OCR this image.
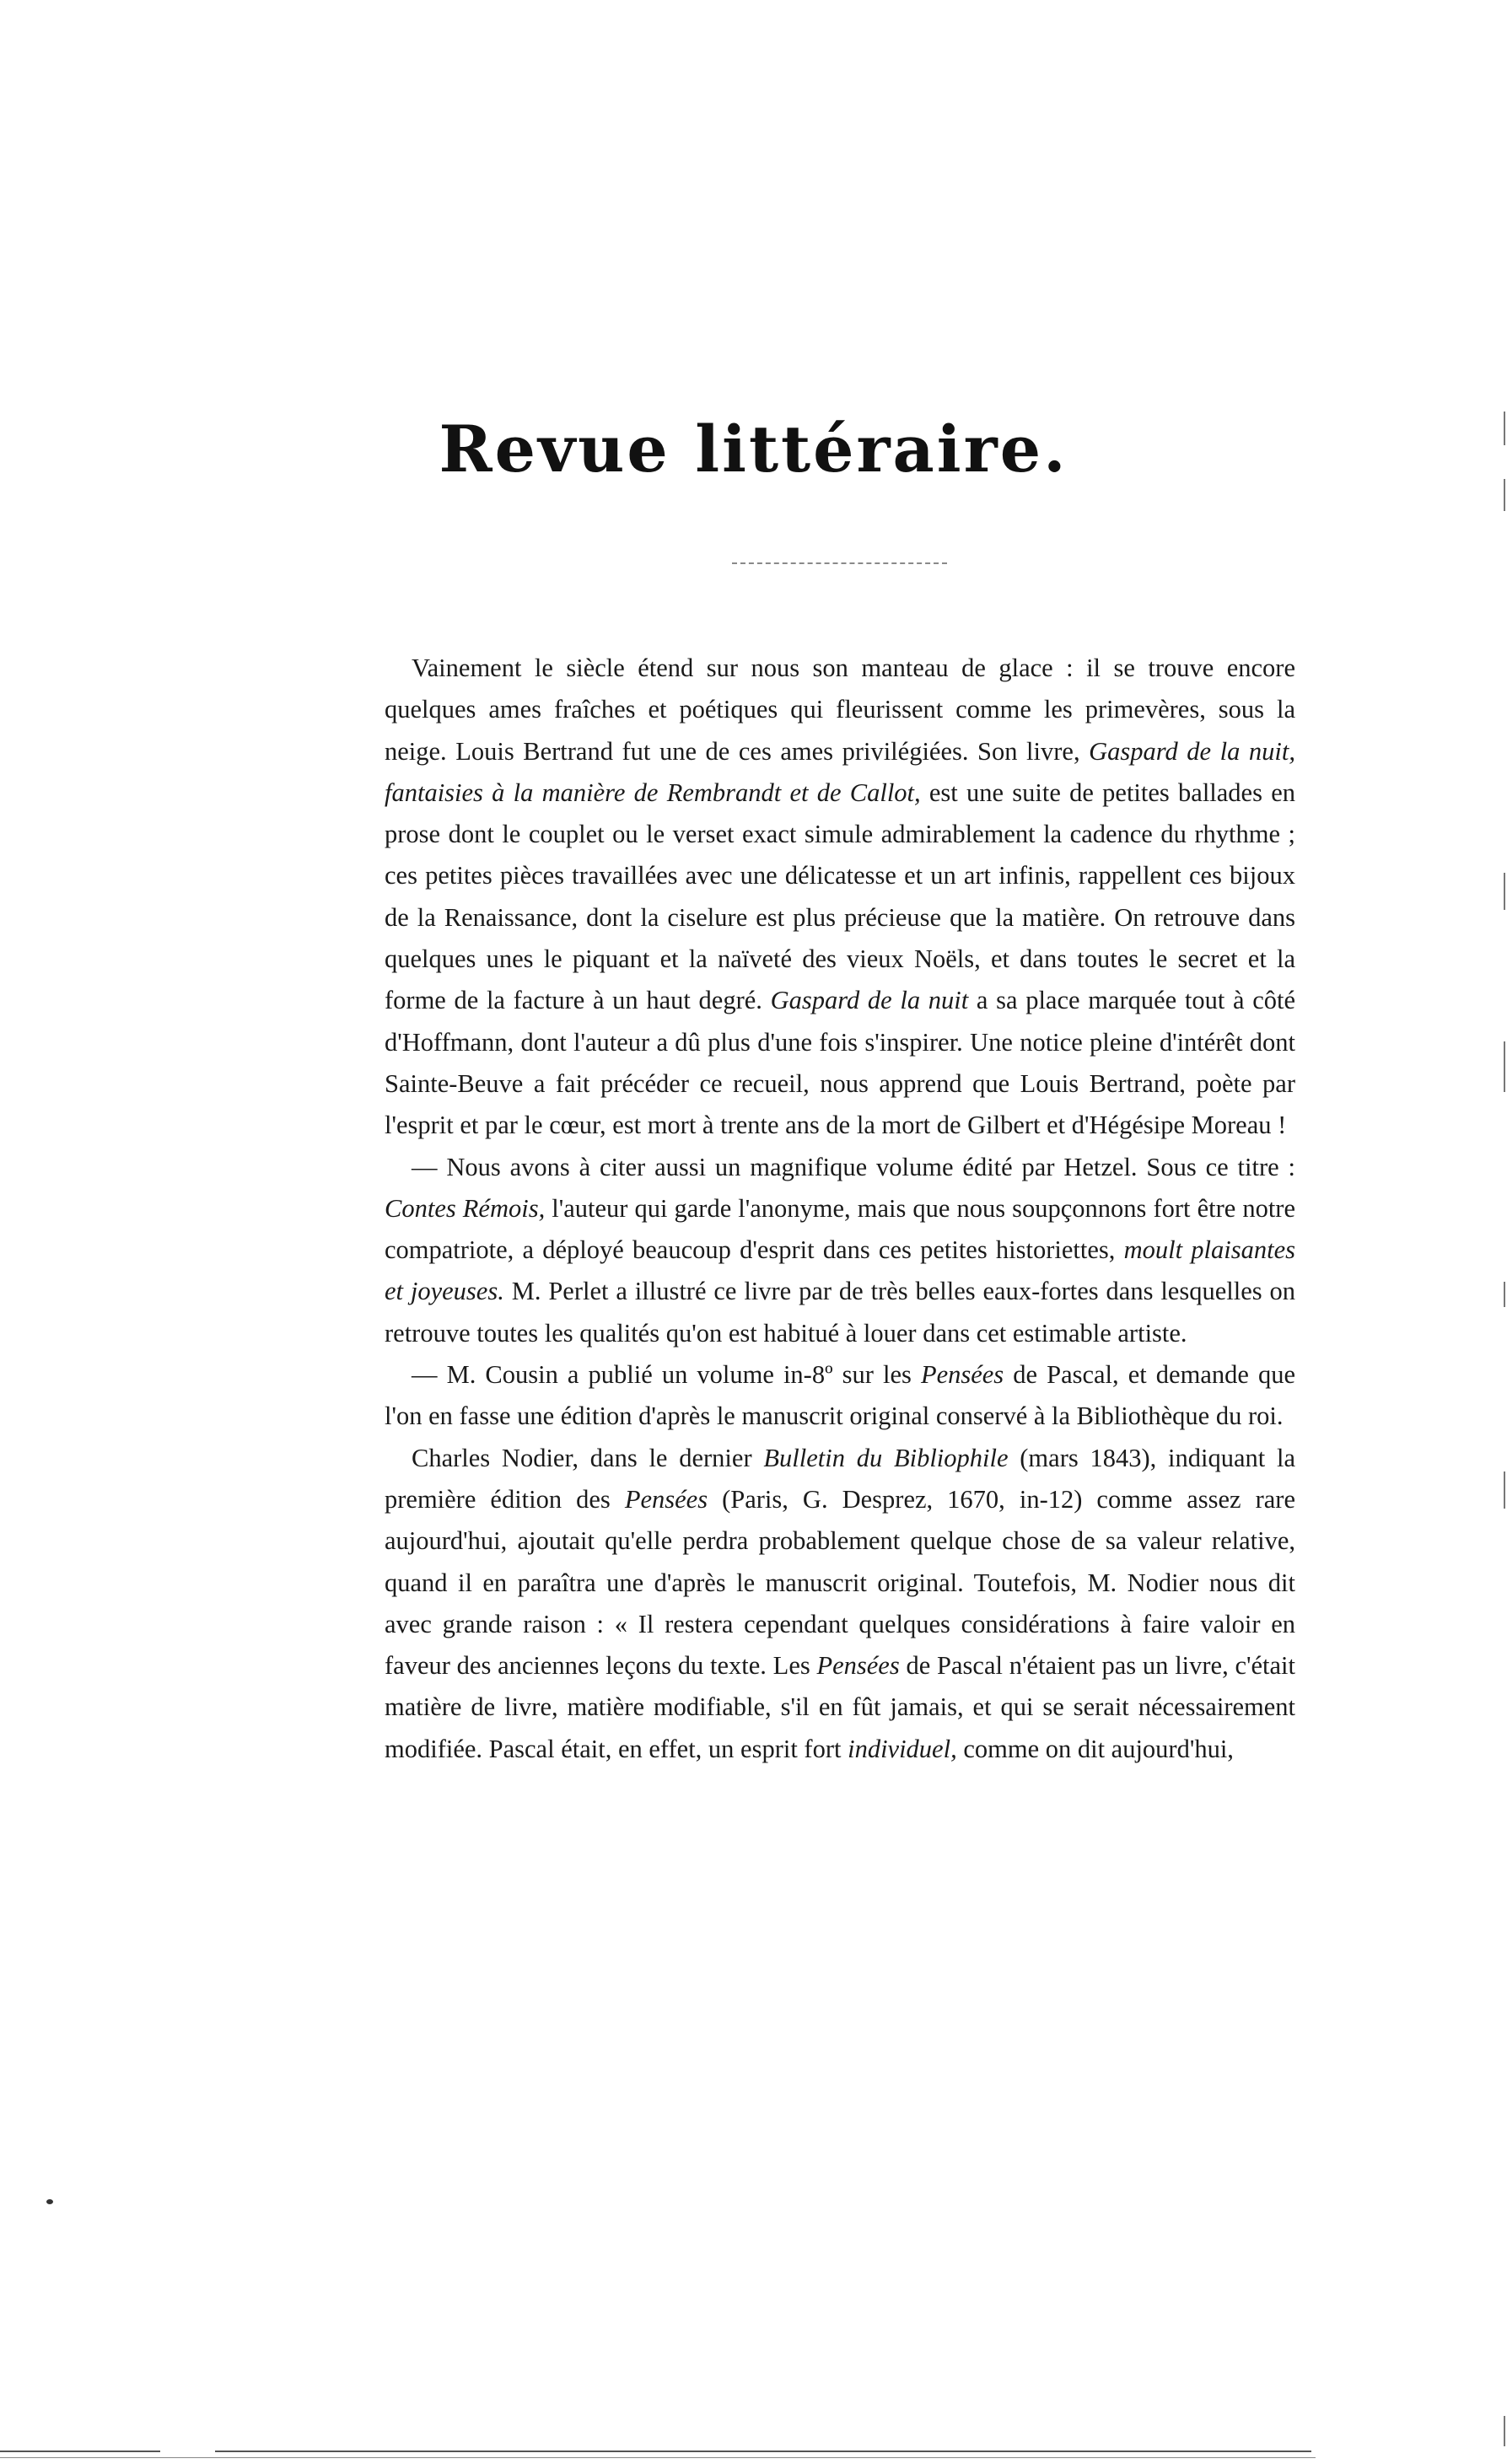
Revue littéraire.

Vainement le siècle étend sur nous son manteau de glace : il se trouve encore quelques ames fraîches et poétiques qui fleurissent comme les primevères, sous la neige. Louis Bertrand fut une de ces ames privilégiées. Son livre, Gaspard de la nuit, fantaisies à la manière de Rembrandt et de Callot, est une suite de petites ballades en prose dont le couplet ou le verset exact simule admirablement la cadence du rhythme ; ces petites pièces travaillées avec une délicatesse et un art infinis, rappellent ces bijoux de la Renaissance, dont la ciselure est plus précieuse que la matière. On retrouve dans quelques unes le piquant et la naïveté des vieux Noëls, et dans toutes le secret et la forme de la facture à un haut degré. Gaspard de la nuit a sa place marquée tout à côté d'Hoffmann, dont l'auteur a dû plus d'une fois s'inspirer. Une notice pleine d'intérêt dont Sainte-Beuve a fait précéder ce recueil, nous apprend que Louis Bertrand, poète par l'esprit et par le cœur, est mort à trente ans de la mort de Gilbert et d'Hégésipe Moreau !

— Nous avons à citer aussi un magnifique volume édité par Hetzel. Sous ce titre : Contes Rémois, l'auteur qui garde l'anonyme, mais que nous soupçonnons fort être notre compatriote, a déployé beaucoup d'esprit dans ces petites historiettes, moult plaisantes et joyeuses. M. Perlet a illustré ce livre par de très belles eaux-fortes dans lesquelles on retrouve toutes les qualités qu'on est habitué à louer dans cet estimable artiste.

— M. Cousin a publié un volume in-8º sur les Pensées de Pascal, et demande que l'on en fasse une édition d'après le manuscrit original conservé à la Bibliothèque du roi.

Charles Nodier, dans le dernier Bulletin du Bibliophile (mars 1843), indiquant la première édition des Pensées (Paris, G. Desprez, 1670, in-12) comme assez rare aujourd'hui, ajoutait qu'elle perdra probablement quelque chose de sa valeur relative, quand il en paraîtra une d'après le manuscrit original. Toutefois, M. Nodier nous dit avec grande raison : « Il restera cependant quelques considérations à faire valoir en faveur des anciennes leçons du texte. Les Pensées de Pascal n'étaient pas un livre, c'était matière de livre, matière modifiable, s'il en fût jamais, et qui se serait nécessairement modifiée. Pascal était, en effet, un esprit fort individuel, comme on dit aujourd'hui,
